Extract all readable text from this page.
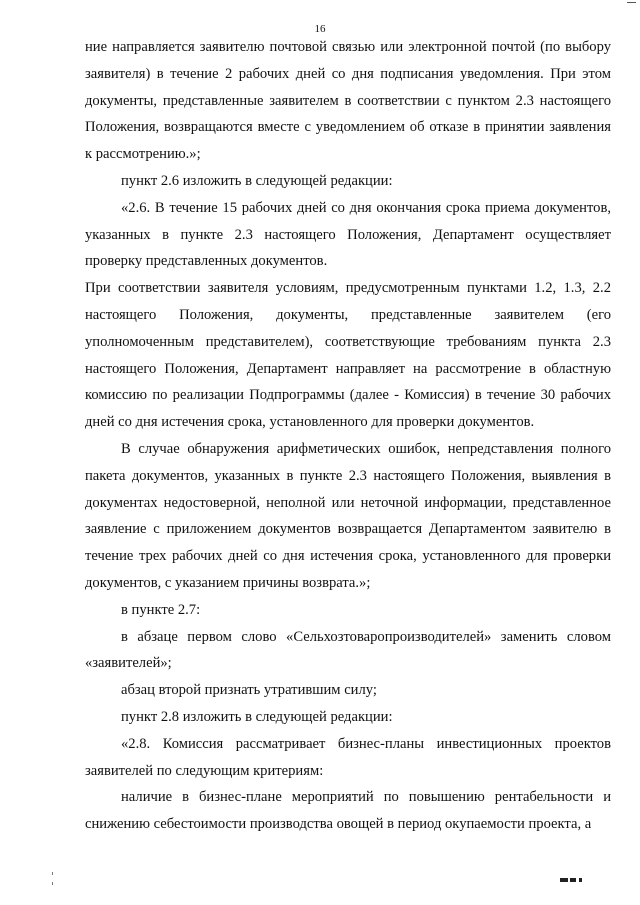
16

ние направляется заявителю почтовой связью или электронной почтой (по выбору заявителя) в течение 2 рабочих дней со дня подписания уведомления. При этом документы, представленные заявителем в соответствии с пунктом 2.3 настоящего Положения, возвращаются вместе с уведомлением об отказе в принятии заявления к рассмотрению.»;

пункт 2.6 изложить в следующей редакции:

«2.6. В течение 15 рабочих дней со дня окончания срока приема документов, указанных в пункте 2.3 настоящего Положения, Департамент осуществляет проверку представленных документов.

При соответствии заявителя условиям, предусмотренным пунктами 1.2, 1.3, 2.2 настоящего Положения, документы, представленные заявителем (его уполномоченным представителем), соответствующие требованиям пункта 2.3 настоящего Положения, Департамент направляет на рассмотрение в областную комиссию по реализации Подпрограммы (далее - Комиссия) в течение 30 рабочих дней со дня истечения срока, установленного для проверки документов.

В случае обнаружения арифметических ошибок, непредставления полного пакета документов, указанных в пункте 2.3 настоящего Положения, выявления в документах недостоверной, неполной или неточной информации, представленное заявление с приложением документов возвращается Департаментом заявителю в течение трех рабочих дней со дня истечения срока, установленного для проверки документов, с указанием причины возврата.»;

в пункте 2.7:

в абзаце первом слово «Сельхозтоваропроизводителей» заменить словом «заявителей»;

абзац второй признать утратившим силу;

пункт 2.8 изложить в следующей редакции:

«2.8. Комиссия рассматривает бизнес-планы инвестиционных проектов заявителей по следующим критериям:

наличие в бизнес-плане мероприятий по повышению рентабельности и снижению себестоимости производства овощей в период окупаемости проекта, а
